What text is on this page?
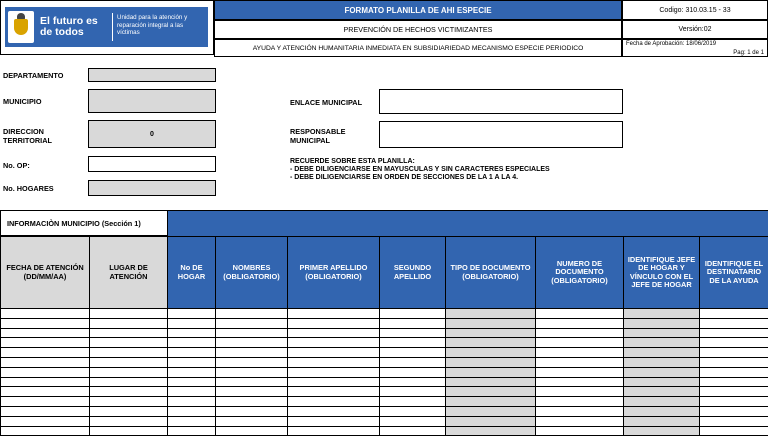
El futuro es de todos
Unidad para la atención y reparación integral a las víctimas
FORMATO PLANILLA DE AHI ESPECIE
PREVENCIÓN DE HECHOS VICTIMIZANTES
AYUDA Y ATENCIÓN HUMANITARIA INMEDIATA EN SUBSIDIARIEDAD MECANISMO ESPECIE PERIODICO
Codigo: 310.03.15 - 33
Versión:02
Fecha de Aprobación: 18/06/2019
Pag: 1 de 1
DEPARTAMENTO
MUNICIPIO
DIRECCION TERRITORIAL
0
No. OP:
No. HOGARES
ENLACE MUNICIPAL
RESPONSABLE MUNICIPAL
RECUERDE SOBRE ESTA PLANILLA:
- DEBE DILIGENCIARSE EN MAYUSCULAS Y SIN CARACTERES ESPECIALES
- DEBE DILIGENCIARSE EN ORDEN DE SECCIONES DE LA 1 A LA 4.
INFORMACIÒN MUNICIPIO (Sección 1)
FECHA DE ATENCIÓN (DD/MM/AA)	LUGAR DE ATENCIÓN	No DE HOGAR	NOMBRES (OBLIGATORIO)	PRIMER APELLIDO (OBLIGATORIO)	SEGUNDO APELLIDO	TIPO DE DOCUMENTO (OBLIGATORIO)	NUMERO DE DOCUMENTO (OBLIGATORIO)	IDENTIFIQUE JEFE DE HOGAR Y VÍNCULO CON EL JEFE DE HOGAR	IDENTIFIQUE EL DESTINATARIO DE LA AYUDA
